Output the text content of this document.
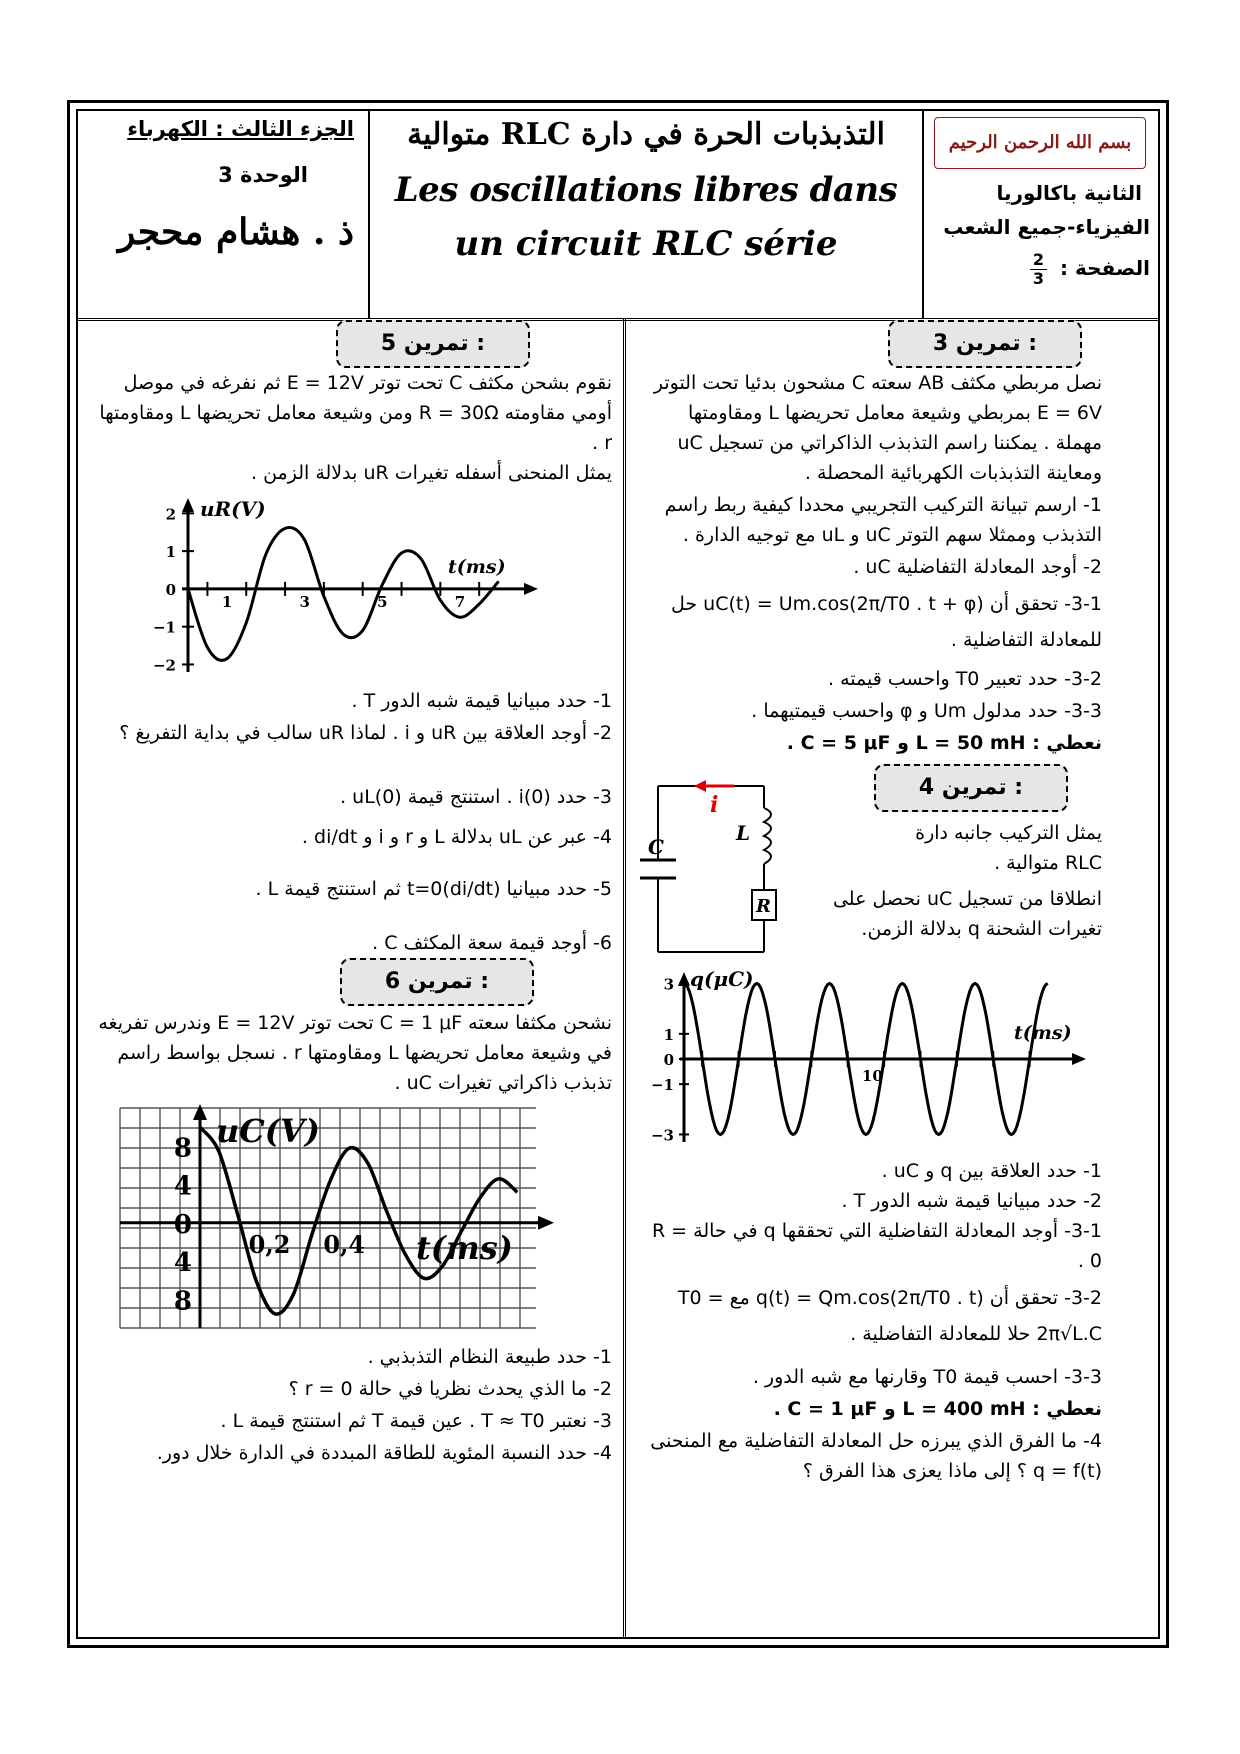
الجزء الثالث : الكهرباء
الوحدة 3
ذ . هشام محجر
التذبذبات الحرة في دارة RLC متوالية
Les oscillations libres dans
un circuit RLC série
بسم الله الرحمن الرحيم
الثانية باكالوريا
الفيزياء-جميع الشعب
الصفحة :
$\frac{2}{3}$
تمرين 3 :
نصل مربطي مكثف AB سعته C مشحون بدئيا تحت التوتر E = 6V بمربطي وشيعة معامل تحريضها L ومقاومتها مهملة . يمكننا راسم التذبذب الذاكراتي من تسجيل uC ومعاينة التذبذبات الكهربائية المحصلة .
1- ارسم تبيانة التركيب التجريبي محددا كيفية ربط راسم التذبذب وممثلا سهم التوتر uC و uL مع توجيه الدارة .
2- أوجد المعادلة التفاضلية uC .
3-1- تحقق أن uC(t) = Um.cos(2π/T0 . t + φ) حل للمعادلة التفاضلية .
3-2- حدد تعبير T0 واحسب قيمته .
3-3- حدد مدلول Um و φ واحسب قيمتيهما .
نعطي : L = 50 mH و C = 5 μF .
تمرين 4 :
يمثل التركيب جانبه دارة RLC متوالية .
انطلاقا من تسجيل uC نحصل على تغيرات الشحنة q بدلالة الزمن.
i
L
C
R
q(μC)
t(ms)
3
1
0
−1
−3
10
1- حدد العلاقة بين q و uC .
2- حدد مبيانيا قيمة شبه الدور T .
3-1- أوجد المعادلة التفاضلية التي تحققها q في حالة R = 0 .
3-2- تحقق أن q(t) = Qm.cos(2π/T0 . t) مع T0 = 2π√L.C حلا للمعادلة التفاضلية .
3-3- احسب قيمة T0 وقارنها مع شبه الدور .
نعطي : L = 400 mH و C = 1 μF .
4- ما الفرق الذي يبرزه حل المعادلة التفاضلية مع المنحنى q = f(t) ؟ إلى ماذا يعزى هذا الفرق ؟
تمرين 5 :
نقوم بشحن مكثف C تحت توتر E = 12V ثم نفرغه في موصل أومي مقاومته R = 30Ω ومن وشيعة معامل تحريضها L ومقاومتها r .
يمثل المنحنى أسفله تغيرات uR بدلالة الزمن .
uR(V)
t(ms)
2
1
0
−1
−2
1	3	5	7
1- حدد مبيانيا قيمة شبه الدور T .
2- أوجد العلاقة بين uR و i . لماذا uR سالب في بداية التفريغ ؟
3- حدد i(0) . استنتج قيمة uL(0) .
4- عبر عن uL بدلالة L و r و i و di/dt .
5- حدد مبيانيا (di/dt)t=0 ثم استنتج قيمة L .
6- أوجد قيمة سعة المكثف C .
تمرين 6 :
نشحن مكثفا سعته C = 1 μF تحت توتر E = 12V وندرس تفريغه في وشيعة معامل تحريضها L ومقاومتها r . نسجل بواسط راسم تذبذب ذاكراتي تغيرات uC .
uC(V)
t(ms)
8
4
0
4
8
0,2 0,4
1- حدد طبيعة النظام التذبذبي .
2- ما الذي يحدث نظريا في حالة r = 0 ؟
3- نعتبر T ≈ T0 . عين قيمة T ثم استنتج قيمة L .
4- حدد النسبة المئوية للطاقة المبددة في الدارة خلال دور.
